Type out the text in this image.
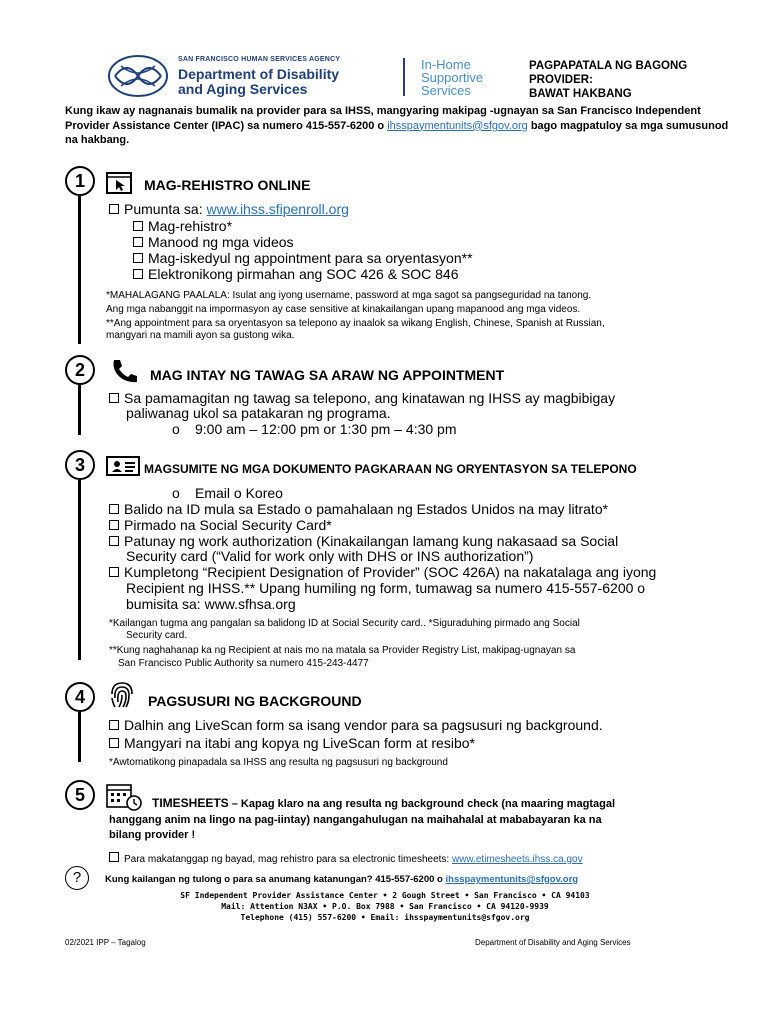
SAN FRANCISCO HUMAN SERVICES AGENCY
Department of Disability
and Aging Services
In-Home
Supportive
Services
PAGPAPATALA NG BAGONG
PROVIDER:
BAWAT HAKBANG
Kung ikaw ay nagnanais bumalik na provider para sa IHSS, mangyaring makipag -ugnayan sa San Francisco Independent Provider Assistance Center (IPAC) sa numero 415-557-6200 o ihsspaymentunits@sfgov.org bago magpatuloy sa mga sumusunod na hakbang.
1	MAG-REHISTRO ONLINE
Pumunta sa: www.ihss.sfipenroll.org
Mag-rehistro*
Manood ng mga videos
Mag-iskedyul ng appointment para sa oryentasyon**
Elektronikong pirmahan ang SOC 426 & SOC 846
*MAHALAGANG PAALALA: Isulat ang iyong username, password at mga sagot sa pangseguridad na tanong.
Ang mga nabanggit na impormasyon ay case sensitive at kinakailangan upang mapanood ang mga videos.
**Ang appointment para sa oryentasyon sa telepono ay inaalok sa wikang English, Chinese, Spanish at Russian,
mangyari na mamili ayon sa gustong wika.
2	MAG INTAY NG TAWAG SA ARAW NG APPOINTMENT
Sa pamamagitan ng tawag sa telepono, ang kinatawan ng IHSS ay magbibigay
paliwanag ukol sa patakaran ng programa.
o 9:00 am – 12:00 pm or 1:30 pm – 4:30 pm
3	MAGSUMITE NG MGA DOKUMENTO PAGKARAAN NG ORYENTASYON SA TELEPONO
o Email o Koreo
Balido na ID mula sa Estado o pamahalaan ng Estados Unidos na may litrato*
Pirmado na Social Security Card*
Patunay ng work authorization (Kinakailangan lamang kung nakasaad sa Social
Security card (“Valid for work only with DHS or INS authorization”)
Kumpletong “Recipient Designation of Provider” (SOC 426A) na nakatalaga ang iyong
Recipient ng IHSS.** Upang humiling ng form, tumawag sa numero 415-557-6200 o
bumisita sa: www.sfhsa.org
*Kailangan tugma ang pangalan sa balidong ID at Social Security card.. *Siguraduhing pirmado ang Social
Security card.
**Kung naghahanap ka ng Recipient at nais mo na matala sa Provider Registry List, makipag-ugnayan sa
San Francisco Public Authority sa numero 415-243-4477
4	PAGSUSURI NG BACKGROUND
Dalhin ang LiveScan form sa isang vendor para sa pagsusuri ng background.
Mangyari na itabi ang kopya ng LiveScan form at resibo*
*Awtomatikong pinapadala sa IHSS ang resulta ng pagsusuri ng background
5	TIMESHEETS – Kapag klaro na ang resulta ng background check (na maaring magtagal
hanggang anim na lingo na pag-iintay) nangangahulugan na maihahalal at mababayaran ka na
bilang provider !
Para makatanggap ng bayad, mag rehistro para sa electronic timesheets: www.etimesheets.ihss.ca.gov
?	Kung kailangan ng tulong o para sa anumang katanungan? 415-557-6200 o ihsspaymentunits@sfgov.org
SF Independent Provider Assistance Center • 2 Gough Street • San Francisco • CA 94103
Mail: Attention N3AX • P.O. Box 7988 • San Francisco • CA 94120-9939
Telephone (415) 557-6200 • Email: ihsspaymentunits@sfgov.org
02/2021 IPP – Tagalog	Department of Disability and Aging Services
